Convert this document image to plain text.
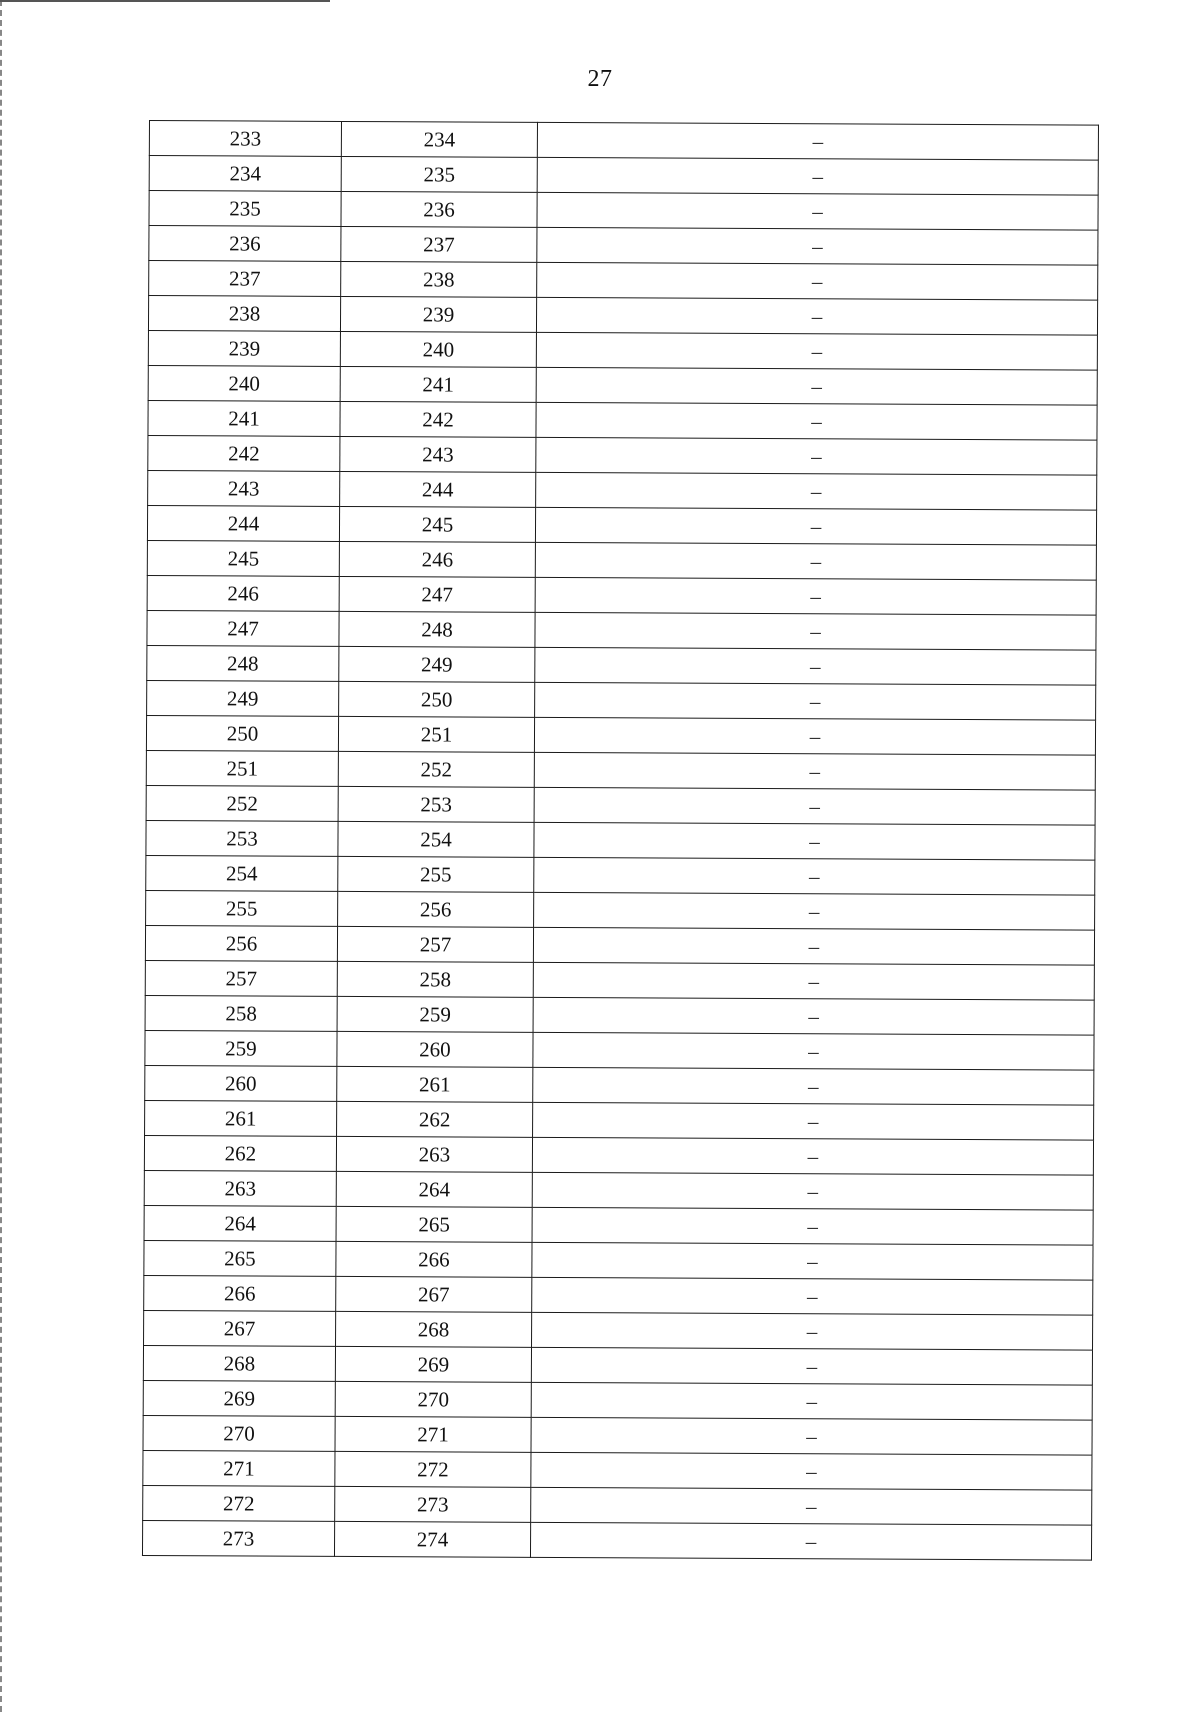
27
233	234	–
234	235	–
235	236	–
236	237	–
237	238	–
238	239	–
239	240	–
240	241	–
241	242	–
242	243	–
243	244	–
244	245	–
245	246	–
246	247	–
247	248	–
248	249	–
249	250	–
250	251	–
251	252	–
252	253	–
253	254	–
254	255	–
255	256	–
256	257	–
257	258	–
258	259	–
259	260	–
260	261	–
261	262	–
262	263	–
263	264	–
264	265	–
265	266	–
266	267	–
267	268	–
268	269	–
269	270	–
270	271	–
271	272	–
272	273	–
273	274	–
